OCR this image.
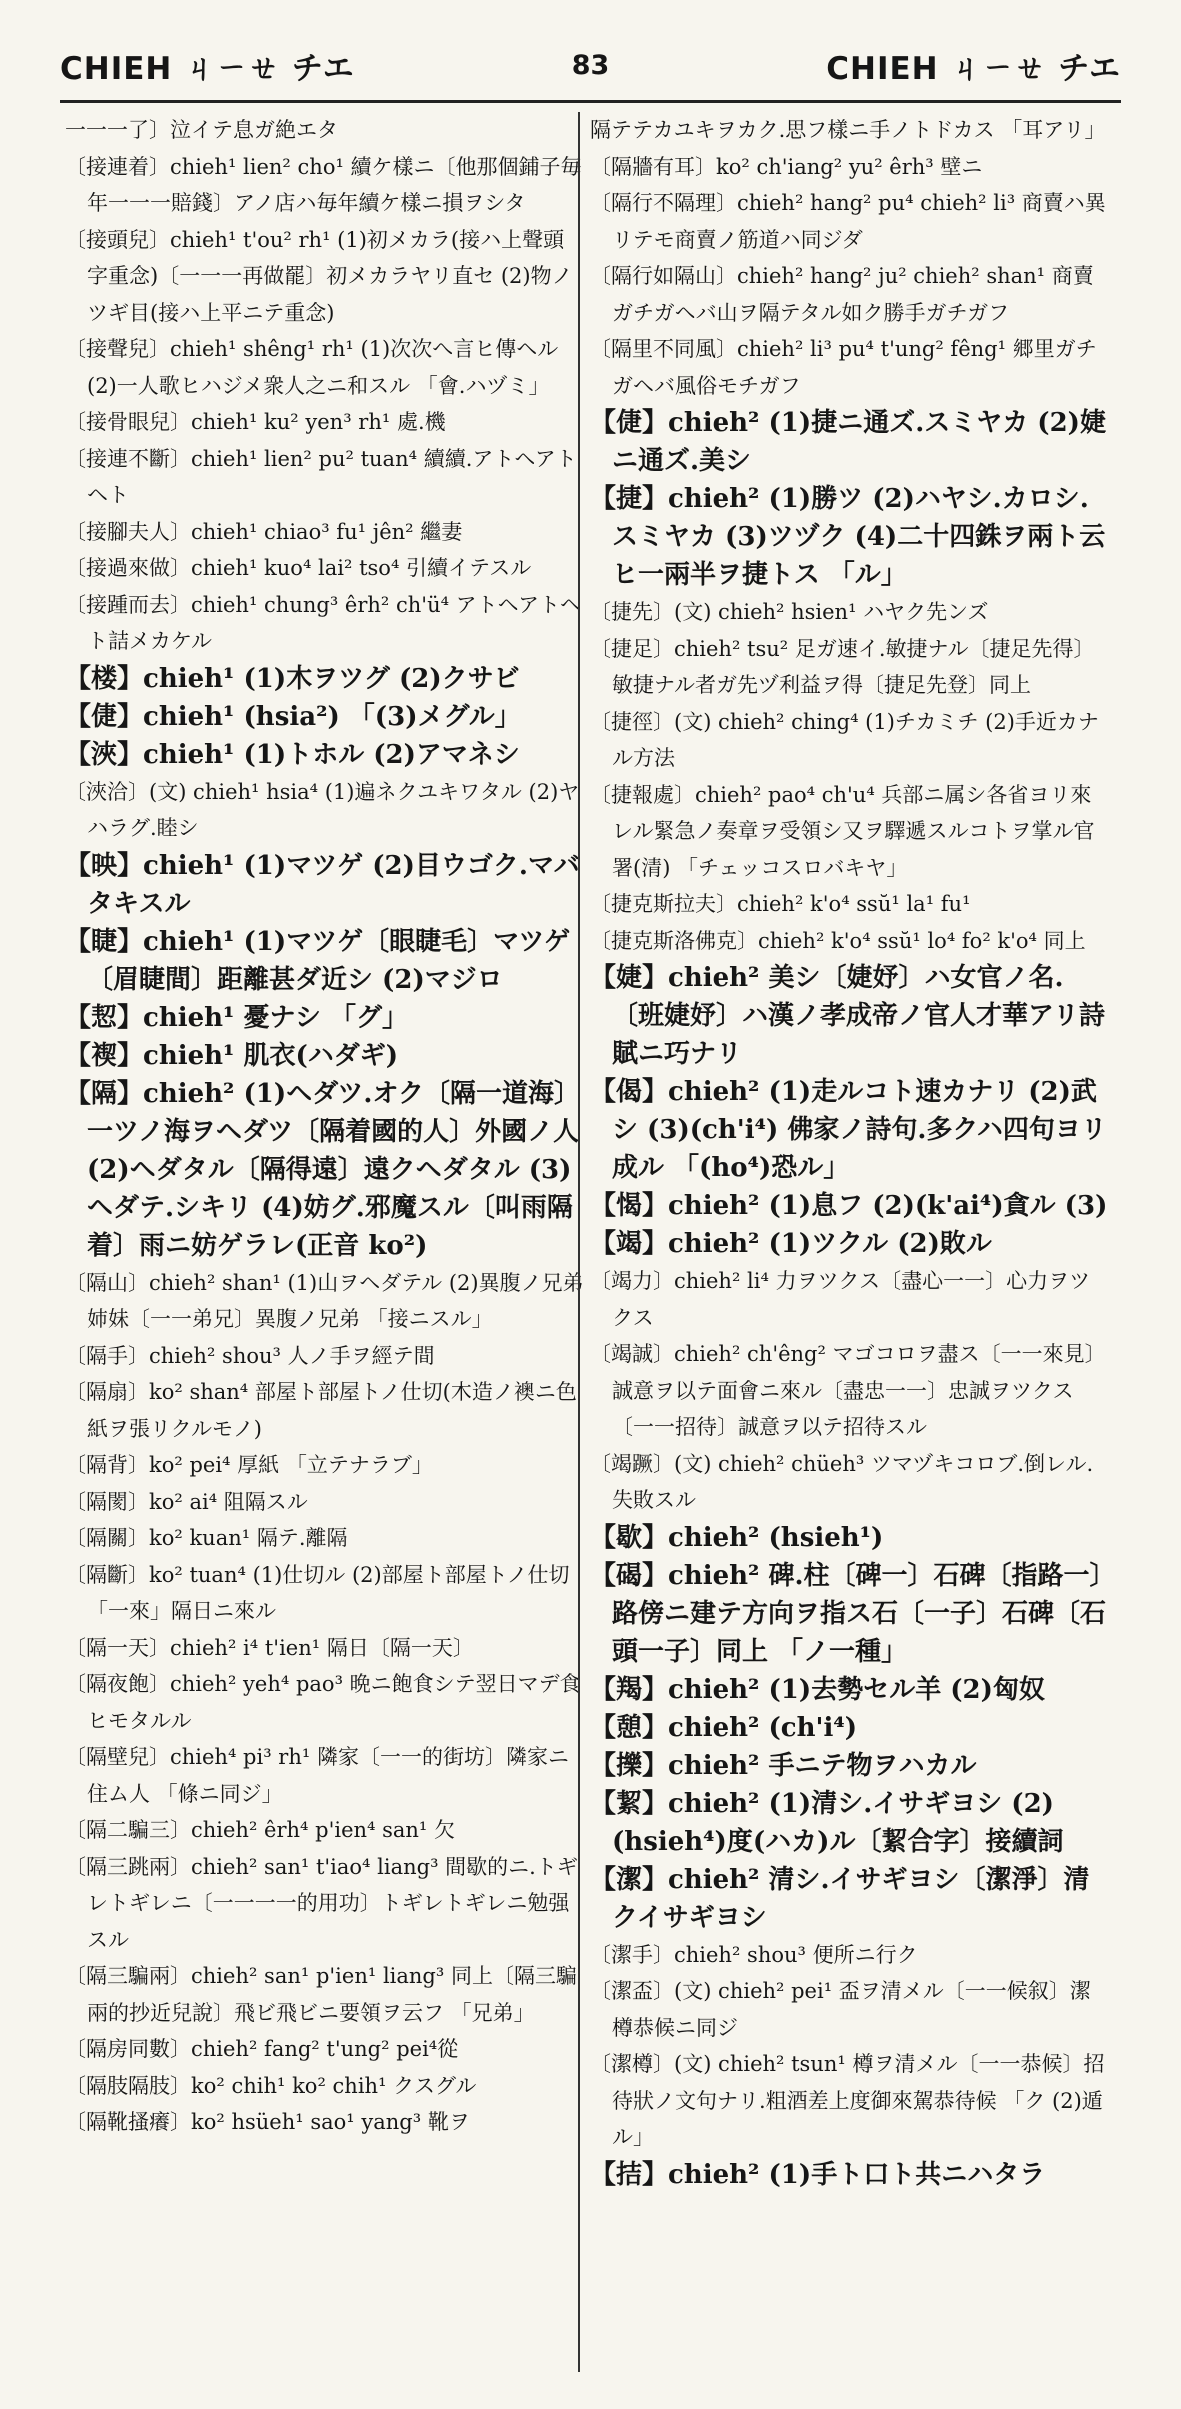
CHIEH ㄐㄧㄝ チエ	83	CHIEH ㄐㄧㄝ チエ

一一一了〕泣イテ息ガ絶エタ

〔接連着〕chieh¹ lien² cho¹ 續ケ樣ニ〔他那個鋪子毎年一一一賠錢〕アノ店ハ毎年續ケ樣ニ損ヲシタ

〔接頭兒〕chieh¹ t'ou² rh¹ (1)初メカラ(接ハ上聲頭字重念)〔一一一再做罷〕初メカラヤリ直セ (2)物ノツギ目(接ハ上平ニテ重念)

〔接聲兒〕chieh¹ shêng¹ rh¹ (1)次次へ言ヒ傳ヘル (2)一人歌ヒハジメ衆人之ニ和スル 「會.ハヅミ」

〔接骨眼兒〕chieh¹ ku² yen³ rh¹ 處.機

〔接連不斷〕chieh¹ lien² pu² tuan⁴ 續續.アトヘアトヘト

〔接腳夫人〕chieh¹ chiao³ fu¹ jên² 繼妻

〔接過來做〕chieh¹ kuo⁴ lai² tso⁴ 引續イテスル

〔接踵而去〕chieh¹ chung³ êrh² ch'ü⁴ アトヘアトヘト詰メカケル

【楼】chieh¹ (1)木ヲツグ (2)クサビ

【倢】chieh¹ (hsia²) 「(3)メグル」

【浹】chieh¹ (1)トホル (2)アマネシ

〔浹洽〕(文) chieh¹ hsia⁴ (1)遍ネクユキワタル (2)ヤハラグ.睦シ

【映】chieh¹ (1)マツゲ (2)目ウゴク.マバタキスル

【睫】chieh¹ (1)マツゲ〔眼睫毛〕マツゲ〔眉睫間〕距離甚ダ近シ (2)マジロ

【恝】chieh¹ 憂ナシ 「グ」

【褉】chieh¹ 肌衣(ハダギ)

【隔】chieh² (1)ヘダツ.オク〔隔一道海〕一ツノ海ヲヘダツ〔隔着國的人〕外國ノ人 (2)ヘダタル〔隔得遠〕遠クヘダタル (3)ヘダテ.シキリ (4)妨グ.邪魔スル〔叫雨隔着〕雨ニ妨ゲラレ(正音 ko²)

〔隔山〕chieh² shan¹ (1)山ヲヘダテル (2)異腹ノ兄弟姉妹〔一一弟兄〕異腹ノ兄弟 「接ニスル」

〔隔手〕chieh² shou³ 人ノ手ヲ經テ間

〔隔扇〕ko² shan⁴ 部屋ト部屋トノ仕切(木造ノ襖ニ色紙ヲ張リクルモノ)

〔隔背〕ko² pei⁴ 厚紙 「立テナラブ」

〔隔閡〕ko² ai⁴ 阻隔スル

〔隔關〕ko² kuan¹ 隔テ.離隔

〔隔斷〕ko² tuan⁴ (1)仕切ル (2)部屋ト部屋トノ仕切 「一來」隔日ニ來ル

〔隔一天〕chieh² i⁴ t'ien¹ 隔日〔隔一天〕

〔隔夜飽〕chieh² yeh⁴ pao³ 晩ニ飽食シテ翌日マデ食ヒモタルル

〔隔壁兒〕chieh⁴ pi³ rh¹ 隣家〔一一的街坊〕隣家ニ住ム人 「條ニ同ジ」

〔隔二騙三〕chieh² êrh⁴ p'ien⁴ san¹ 欠

〔隔三跳兩〕chieh² san¹ t'iao⁴ liang³ 間歇的ニ.トギレトギレニ〔一一一一的用功〕トギレトギレニ勉强スル

〔隔三騙兩〕chieh² san¹ p'ien¹ liang³ 同上〔隔三騙兩的抄近兒說〕飛ビ飛ビニ要領ヲ云フ 「兄弟」

〔隔房同數〕chieh² fang² t'ung² pei⁴從

〔隔肢隔肢〕ko² chih¹ ko² chih¹ クスグル

〔隔靴搔癢〕ko² hsüeh¹ sao¹ yang³ 靴ヲ

隔テテカユキヲカク.思フ樣ニ手ノトドカス 「耳アリ」

〔隔牆有耳〕ko² ch'iang² yu² êrh³ 壁ニ

〔隔行不隔理〕chieh² hang² pu⁴ chieh² li³ 商賣ハ異リテモ商賣ノ筋道ハ同ジダ

〔隔行如隔山〕chieh² hang² ju² chieh² shan¹ 商賣ガチガヘバ山ヲ隔テタル如ク勝手ガチガフ

〔隔里不同風〕chieh² li³ pu⁴ t'ung² fêng¹ 郷里ガチガヘバ風俗モチガフ

【倢】chieh² (1)捷ニ通ズ.スミヤカ (2)婕ニ通ズ.美シ

【捷】chieh² (1)勝ツ (2)ハヤシ.カロシ.スミヤカ (3)ツヅク (4)二十四銖ヲ兩ト云ヒ一兩半ヲ捷トス 「ル」

〔捷先〕(文) chieh² hsien¹ ハヤク先ンズ

〔捷足〕chieh² tsu² 足ガ速イ.敏捷ナル〔捷足先得〕敏捷ナル者ガ先ヅ利益ヲ得〔捷足先登〕同上

〔捷徑〕(文) chieh² ching⁴ (1)チカミチ (2)手近カナル方法

〔捷報處〕chieh² pao⁴ ch'u⁴ 兵部ニ属シ各省ヨリ來レル緊急ノ奏章ヲ受領シ又ヲ驛遞スルコトヲ掌ル官署(清) 「チェッコスロバキヤ」

〔捷克斯拉夫〕chieh² k'o⁴ ssŭ¹ la¹ fu¹

〔捷克斯洛佛克〕chieh² k'o⁴ ssŭ¹ lo⁴ fo² k'o⁴ 同上

【婕】chieh² 美シ〔婕妤〕ハ女官ノ名.〔班婕妤〕ハ漢ノ孝成帝ノ官人才華アリ詩賦ニ巧ナリ

【偈】chieh² (1)走ルコト速カナリ (2)武シ (3)(ch'i⁴) 佛家ノ詩句.多クハ四句ヨリ成ル 「(ho⁴)恐ル」

【愒】chieh² (1)息フ (2)(k'ai⁴)貪ル (3)

【竭】chieh² (1)ツクル (2)敗ル

〔竭力〕chieh² li⁴ 力ヲツクス〔盡心一一〕心力ヲツクス

〔竭誠〕chieh² ch'êng² マゴコロヲ盡ス〔一一來見〕誠意ヲ以テ面會ニ來ル〔盡忠一一〕忠誠ヲツクス〔一一招待〕誠意ヲ以テ招待スル

〔竭蹶〕(文) chieh² chüeh³ ツマヅキコロブ.倒レル.失敗スル

【歇】chieh² (hsieh¹)

【碣】chieh² 碑.柱〔碑一〕石碑〔指路一〕路傍ニ建テ方向ヲ指ス石〔一子〕石碑〔石頭一子〕同上 「ノ一種」

【羯】chieh² (1)去勢セル羊 (2)匈奴

【憩】chieh² (ch'i⁴)

【擽】chieh² 手ニテ物ヲハカル

【絜】chieh² (1)清シ.イサギヨシ (2)(hsieh⁴)度(ハカ)ル〔絜合字〕接續詞

【潔】chieh² 清シ.イサギヨシ〔潔淨〕清クイサギヨシ

〔潔手〕chieh² shou³ 便所ニ行ク

〔潔盃〕(文) chieh² pei¹ 盃ヲ清メル〔一一候叙〕潔樽恭候ニ同ジ

〔潔樽〕(文) chieh² tsun¹ 樽ヲ清メル〔一一恭候〕招待狀ノ文句ナリ.粗酒差上度御來駕恭待候 「ク (2)遁ル」

【拮】chieh² (1)手ト口ト共ニハタラ
